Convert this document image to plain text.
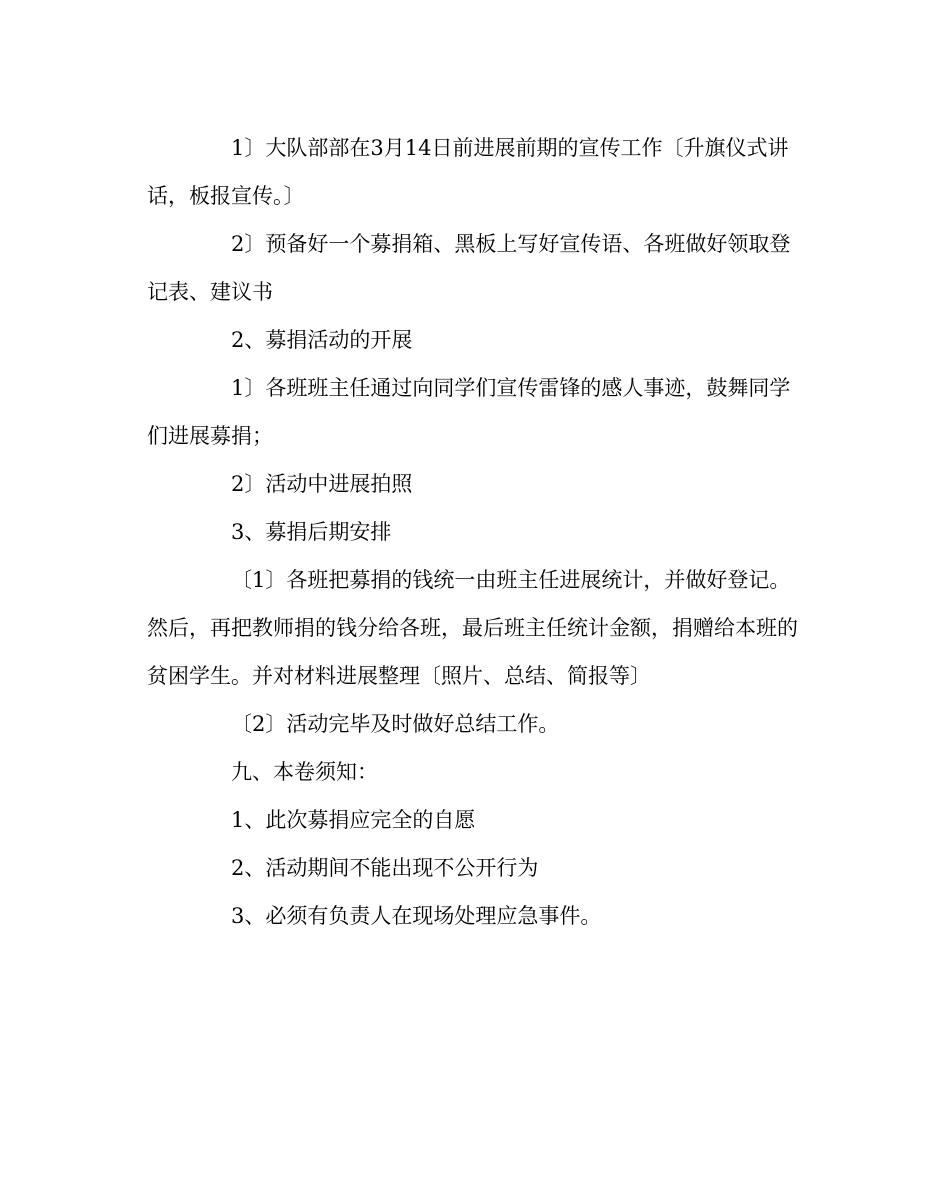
1〕大队部部在3月14日前进展前期的宣传工作〔升旗仪式讲话，板报宣传。〕

2〕预备好一个募捐箱、黑板上写好宣传语、各班做好领取登记表、建议书

2、募捐活动的开展

1〕各班班主任通过向同学们宣传雷锋的感人事迹，鼓舞同学们进展募捐；

2〕活动中进展拍照

3、募捐后期安排

〔1〕各班把募捐的钱统一由班主任进展统计，并做好登记。然后，再把教师捐的钱分给各班，最后班主任统计金额，捐赠给本班的贫困学生。并对材料进展整理〔照片、总结、简报等〕

〔2〕活动完毕及时做好总结工作。

九、本卷须知：

1、此次募捐应完全的自愿

2、活动期间不能出现不公开行为

3、必须有负责人在现场处理应急事件。
